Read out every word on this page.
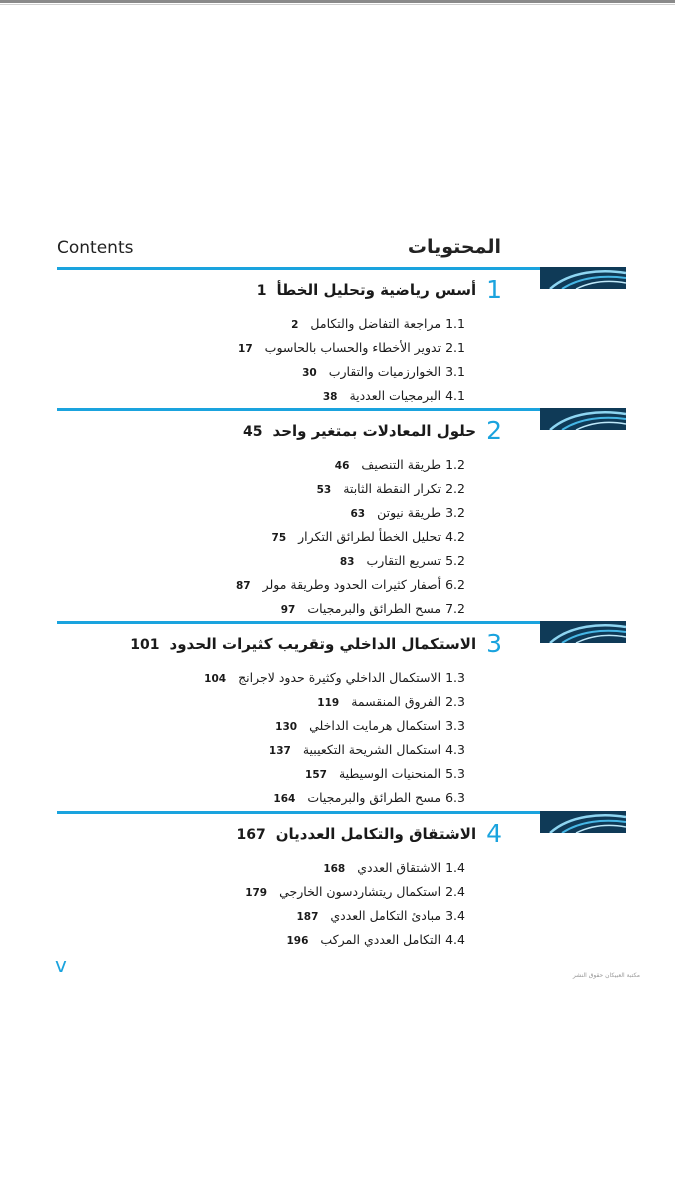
Contents	المحتويات
1أسس رياضية وتحليل الخطأ1
1.1مراجعة التفاضل والتكامل2
2.1تدوير الأخطاء والحساب بالحاسوب17
3.1الخوارزميات والتقارب30
4.1البرمجيات العددية38
2حلول المعادلات بمتغير واحد45
1.2طريقة التنصيف46
2.2تكرار النقطة الثابتة53
3.2طريقة نيوتن63
4.2تحليل الخطأ لطرائق التكرار75
5.2تسريع التقارب83
6.2أصفار كثيرات الحدود وطريقة مولر87
7.2مسح الطرائق والبرمجيات97
3الاستكمال الداخلي وتقريب كثيرات الحدود101
1.3الاستكمال الداخلي وكثيرة حدود لاجرانج104
2.3الفروق المنقسمة119
3.3استكمال هرمايت الداخلي130
4.3استكمال الشريحة التكعيبية137
5.3المنحنيات الوسيطية157
6.3مسح الطرائق والبرمجيات164
4الاشتقاق والتكامل العدديان167
1.4الاشتقاق العددي168
2.4استكمال ريتشاردسون الخارجي179
3.4مبادئ التكامل العددي187
4.4التكامل العددي المركب196
v	مكتبة العبيكان حقوق النشر
